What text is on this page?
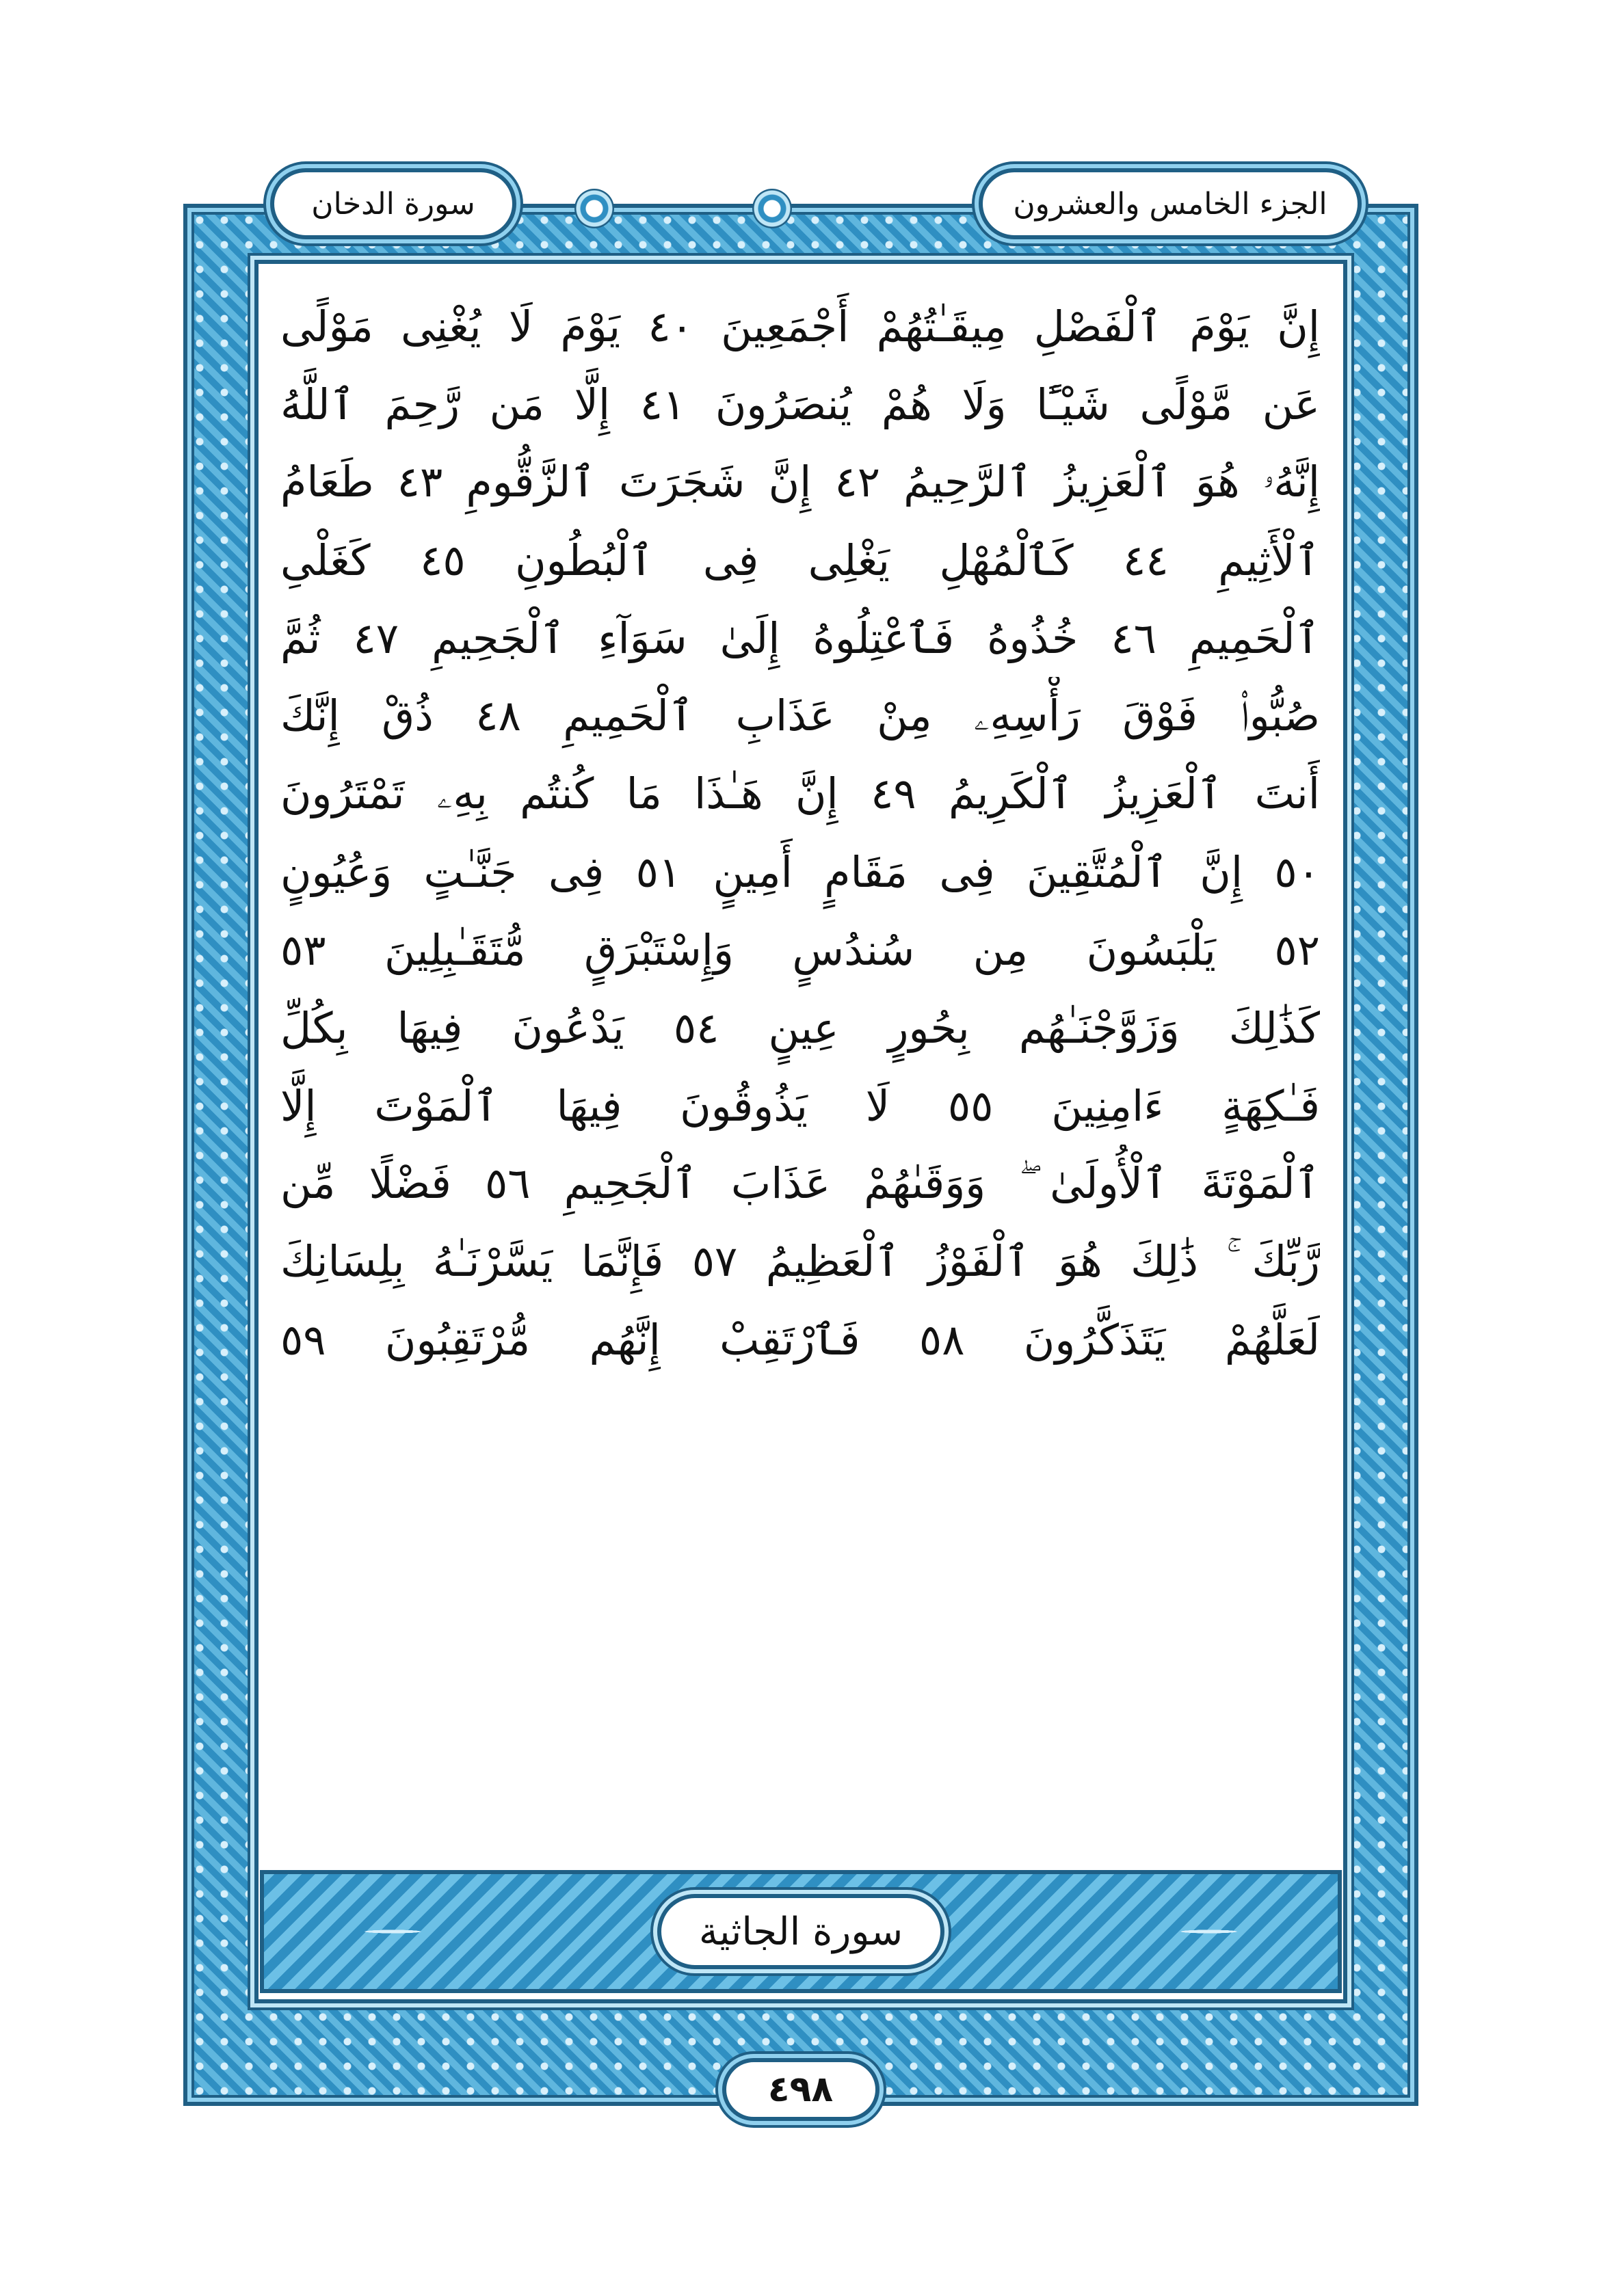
الجزء الخامس والعشرون
سورة الدخان
إِنَّ يَوْمَ ٱلْفَصْلِ مِيقَـٰتُهُمْ أَجْمَعِينَ ٤٠ يَوْمَ لَا يُغْنِى مَوْلًى
عَن مَّوْلًى شَيْـًٔا وَلَا هُمْ يُنصَرُونَ ٤١ إِلَّا مَن رَّحِمَ ٱللَّهُ
إِنَّهُۥ هُوَ ٱلْعَزِيزُ ٱلرَّحِيمُ ٤٢ إِنَّ شَجَرَتَ ٱلزَّقُّومِ ٤٣ طَعَامُ
ٱلْأَثِيمِ ٤٤ كَٱلْمُهْلِ يَغْلِى فِى ٱلْبُطُونِ ٤٥ كَغَلْىِ
ٱلْحَمِيمِ ٤٦ خُذُوهُ فَٱعْتِلُوهُ إِلَىٰ سَوَآءِ ٱلْجَحِيمِ ٤٧ ثُمَّ
صُبُّوا۟ فَوْقَ رَأْسِهِۦ مِنْ عَذَابِ ٱلْحَمِيمِ ٤٨ ذُقْ إِنَّكَ
أَنتَ ٱلْعَزِيزُ ٱلْكَرِيمُ ٤٩ إِنَّ هَـٰذَا مَا كُنتُم بِهِۦ تَمْتَرُونَ
٥٠ إِنَّ ٱلْمُتَّقِينَ فِى مَقَامٍ أَمِينٍ ٥١ فِى جَنَّـٰتٍ وَعُيُونٍ
٥٢ يَلْبَسُونَ مِن سُندُسٍ وَإِسْتَبْرَقٍ مُّتَقَـٰبِلِينَ ٥٣
كَذَٰلِكَ وَزَوَّجْنَـٰهُم بِحُورٍ عِينٍ ٥٤ يَدْعُونَ فِيهَا بِكُلِّ
فَـٰكِهَةٍ ءَامِنِينَ ٥٥ لَا يَذُوقُونَ فِيهَا ٱلْمَوْتَ إِلَّا
ٱلْمَوْتَةَ ٱلْأُولَىٰ ۖ وَوَقَىٰهُمْ عَذَابَ ٱلْجَحِيمِ ٥٦ فَضْلًا مِّن
رَّبِّكَ ۚ ذَٰلِكَ هُوَ ٱلْفَوْزُ ٱلْعَظِيمُ ٥٧ فَإِنَّمَا يَسَّرْنَـٰهُ بِلِسَانِكَ
لَعَلَّهُمْ يَتَذَكَّرُونَ ٥٨ فَٱرْتَقِبْ إِنَّهُم مُّرْتَقِبُونَ ٥٩
سورة الجاثية
٤٩٨
